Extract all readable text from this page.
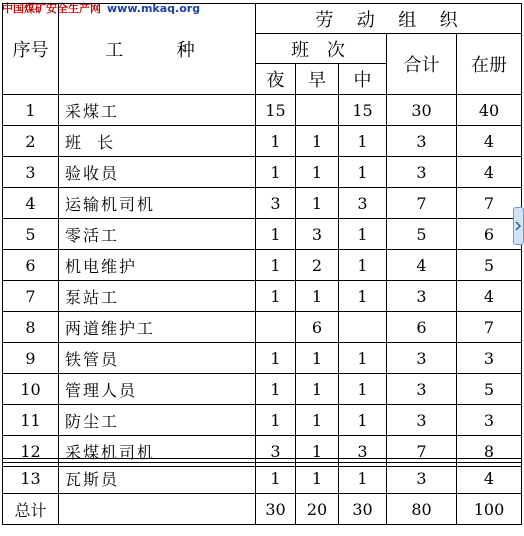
中国煤矿安全生产网 www.mkaq.org
序号	工  种	劳  动  组  织				
		班 次			合计	在册
		夜	早	中		
1	采煤工	15		15	30	40
2	班  长	1	1	1	3	4
3	验收员	1	1	1	3	4
4	运输机司机	3	1	3	7	7
5	零活工	1	3	1	5	6
6	机电维护	1	2	1	4	5
7	泵站工	1	1	1	3	4
8	两道维护工		6		6	7
9	铁管员	1	1	1	3	3
10	管理人员	1	1	1	3	5
11	防尘工	1	1	1	3	3
12	采煤机司机	3	1	3	7	8
13	瓦斯员	1	1	1	3	4
总计		30	20	30	80	100
